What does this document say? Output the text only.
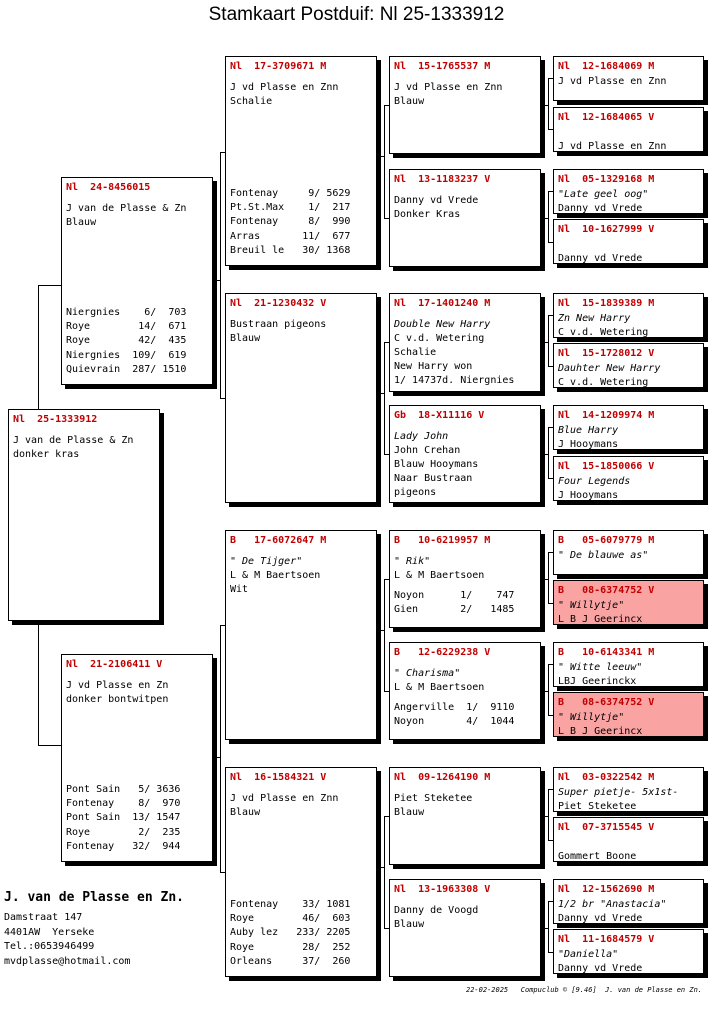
Stamkaart Postduif: Nl 25-1333912
Nl  25-1333912
J van de Plasse & Zn
donker kras
Nl  24-8456015
J van de Plasse & Zn
Blauw
Niergnies    6/  703
Roye        14/  671
Roye        42/  435
Niergnies  109/  619
Quievrain  287/ 1510
Nl  21-2106411 V
J vd Plasse en Zn
donker bontwitpen
Pont Sain   5/ 3636
Fontenay    8/  970
Pont Sain  13/ 1547
Roye        2/  235
Fontenay   32/  944
Nl  17-3709671 M
J vd Plasse en Znn
Schalie
Fontenay     9/ 5629
Pt.St.Max    1/  217
Fontenay     8/  990
Arras       11/  677
Breuil le   30/ 1368
Nl  21-1230432 V
Bustraan pigeons
Blauw
B   17-6072647 M
" De Tijger"
L & M Baertsoen
Wit
Nl  16-1584321 V
J vd Plasse en Znn
Blauw
Fontenay    33/ 1081
Roye        46/  603
Auby lez   233/ 2205
Roye        28/  252
Orleans     37/  260
Nl  15-1765537 M
J vd Plasse en Znn
Blauw
Nl  13-1183237 V
Danny vd Vrede
Donker Kras
Nl  17-1401240 M
Double New Harry
C v.d. Wetering
Schalie
New Harry won
1/ 14737d. Niergnies
Gb  18-X11116 V
Lady John
John Crehan
Blauw Hooymans
Naar Bustraan
pigeons
B   10-6219957 M
" Rik"
L & M Baertsoen
Noyon      1/    747
Gien       2/   1485
B   12-6229238 V
" Charisma"
L & M Baertsoen
Angerville  1/  9110
Noyon       4/  1044
Nl  09-1264190 M
Piet Steketee
Blauw
Nl  13-1963308 V
Danny de Voogd
Blauw
Nl  12-1684069 M
J vd Plasse en Znn
Nl  12-1684065 V
J vd Plasse en Znn
Nl  05-1329168 M
"Late geel oog"
Danny vd Vrede
Nl  10-1627999 V
Danny vd Vrede
Nl  15-1839389 M
Zn New Harry
C v.d. Wetering
Nl  15-1728012 V
Dauhter New Harry
C v.d. Wetering
Nl  14-1209974 M
Blue Harry
J Hooymans
Nl  15-1850066 V
Four Legends
J Hooymans
B   05-6079779 M
" De blauwe as"
B   08-6374752 V
" Willytje"
L B J Geerincx
B   10-6143341 M
" Witte leeuw"
LBJ Geerinckx
B   08-6374752 V
" Willytje"
L B J Geerincx
Nl  03-0322542 M
Super pietje- 5x1st-
Piet Steketee
Nl  07-3715545 V
Gommert Boone
Nl  12-1562690 M
1/2 br "Anastacia"
Danny vd Vrede
Nl  11-1684579 V
"Daniella"
Danny vd Vrede
J. van de Plasse en Zn.
Damstraat 147
4401AW  Yerseke
Tel.:0653946499
mvdplasse@hotmail.com
22-02-2025   Compuclub © [9.46]  J. van de Plasse en Zn.
